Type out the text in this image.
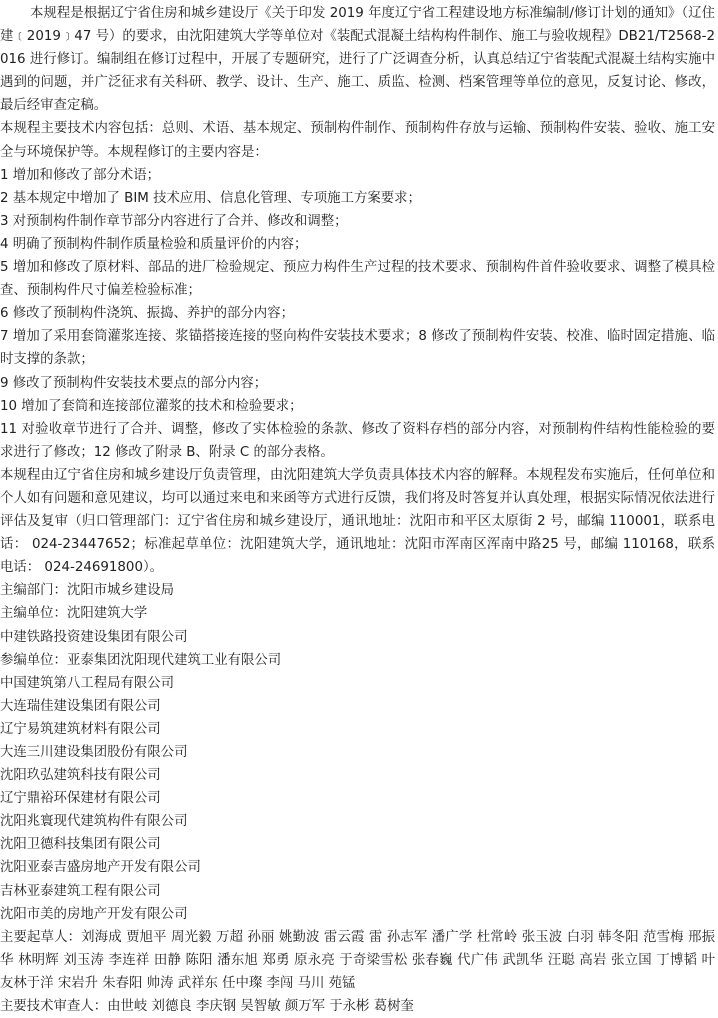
本规程是根据辽宁省住房和城乡建设厅《关于印发 2019 年度辽宁省工程建设地方标准编制/修订计划的通知》（辽住建﹝2019﹞47 号）的要求，由沈阳建筑大学等单位对《装配式混凝土结构构件制作、施工与验收规程》DB21/T2568-2016 进行修订。编制组在修订过程中，开展了专题研究，进行了广泛调查分析，认真总结辽宁省装配式混凝土结构实施中遇到的问题，并广泛征求有关科研、教学、设计、生产、施工、质监、检测、档案管理等单位的意见，反复讨论、修改，最后经审查定稿。

本规程主要技术内容包括：总则、术语、基本规定、预制构件制作、预制构件存放与运输、预制构件安装、验收、施工安全与环境保护等。本规程修订的主要内容是：

1 增加和修改了部分术语；

2 基本规定中增加了 BIM 技术应用、信息化管理、专项施工方案要求；

3 对预制构件制作章节部分内容进行了合并、修改和调整；

4 明确了预制构件制作质量检验和质量评价的内容；

5 增加和修改了原材料、部品的进厂检验规定、预应力构件生产过程的技术要求、预制构件首件验收要求、调整了模具检查、预制构件尺寸偏差检验标准；

6 修改了预制构件浇筑、振捣、养护的部分内容；

7 增加了采用套筒灌浆连接、浆锚搭接连接的竖向构件安装技术要求；8 修改了预制构件安装、校准、临时固定措施、临时支撑的条款；

9 修改了预制构件安装技术要点的部分内容；

10 增加了套筒和连接部位灌浆的技术和检验要求；

11 对验收章节进行了合并、调整，修改了实体检验的条款、修改了资料存档的部分内容，对预制构件结构性能检验的要求进行了修改；12 修改了附录 B、附录 C 的部分表格。

本规程由辽宁省住房和城乡建设厅负责管理，由沈阳建筑大学负责具体技术内容的解释。本规程发布实施后，任何单位和个人如有问题和意见建议，均可以通过来电和来函等方式进行反馈，我们将及时答复并认真处理，根据实际情况依法进行评估及复审（归口管理部门：辽宁省住房和城乡建设厅，通讯地址：沈阳市和平区太原街 2 号，邮编 110001，联系电话： 024-23447652；标准起草单位：沈阳建筑大学，通讯地址：沈阳市浑南区浑南中路25 号，邮编 110168，联系电话： 024-24691800）。

主编部门：沈阳市城乡建设局

主编单位：沈阳建筑大学

中建铁路投资建设集团有限公司

参编单位：亚泰集团沈阳现代建筑工业有限公司

中国建筑第八工程局有限公司

大连瑞佳建设集团有限公司

辽宁易筑建筑材料有限公司

大连三川建设集团股份有限公司

沈阳玖弘建筑科技有限公司

辽宁鼎裕环保建材有限公司

沈阳兆寰现代建筑构件有限公司

沈阳卫德科技集团有限公司

沈阳亚泰吉盛房地产开发有限公司

吉林亚泰建筑工程有限公司

沈阳市美的房地产开发有限公司

主要起草人：刘海成 贾旭平 周光毅 万超 孙丽 姚勤波 雷云霞 雷 孙志军 潘广学 杜常岭 张玉波 白羽 韩冬阳 范雪梅 邢振华 林明辉 刘玉涛 李连祥 田静 陈阳 潘东旭 郑勇 原永亮 于奇梁雪松 张春巍 代广伟 武凯华 汪聪 高岩 张立国 丁博韬 叶友林于洋 宋岩升 朱春阳 帅涛 武祥东 任中璨 李闯 马川 苑锰

主要技术审查人：由世岐 刘德良 李庆钢 吴智敏 颜万军 于永彬 葛树奎
